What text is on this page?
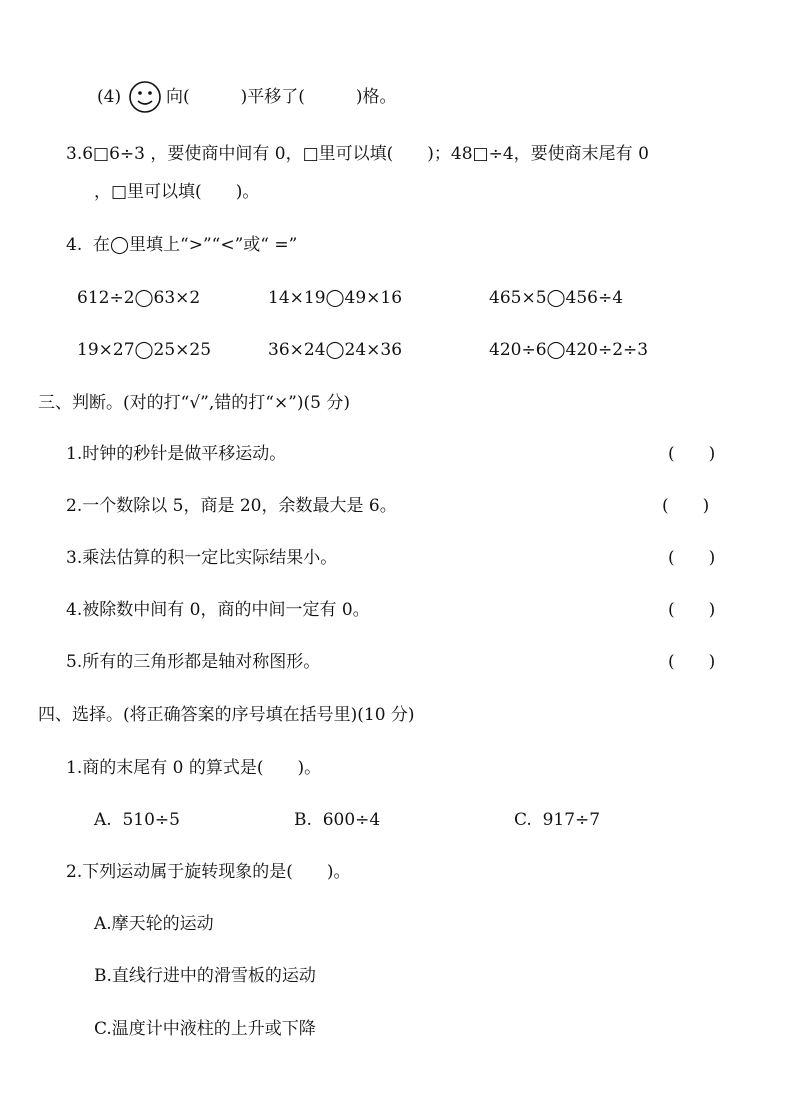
(4)	向(　　　)平移了(　　　)格。
3.6□6÷3 ，要使商中间有 0，□里可以填(　　)；48□÷4，要使商末尾有 0
，□里可以填(　　)。
4.  在◯里填上“>”“<”或“ =”
612÷2◯63×2	14×19◯49×16	465×5◯456÷4
19×27◯25×25	36×24◯24×36	420÷6◯420÷2÷3
三、判断。(对的打“√”,错的打“×”)(5 分)
1.时钟的秒针是做平移运动。	(　　)
2.一个数除以 5，商是 20，余数最大是 6。	(　　)
3.乘法估算的积一定比实际结果小。	(　　)
4.被除数中间有 0，商的中间一定有 0。	(　　)
5.所有的三角形都是轴对称图形。	(　　)
四、选择。(将正确答案的序号填在括号里)(10 分)
1.商的末尾有 0 的算式是(　　)。
A.  510÷5	B.  600÷4	C.  917÷7
2.下列运动属于旋转现象的是(　　)。
A.摩天轮的运动
B.直线行进中的滑雪板的运动
C.温度计中液柱的上升或下降
